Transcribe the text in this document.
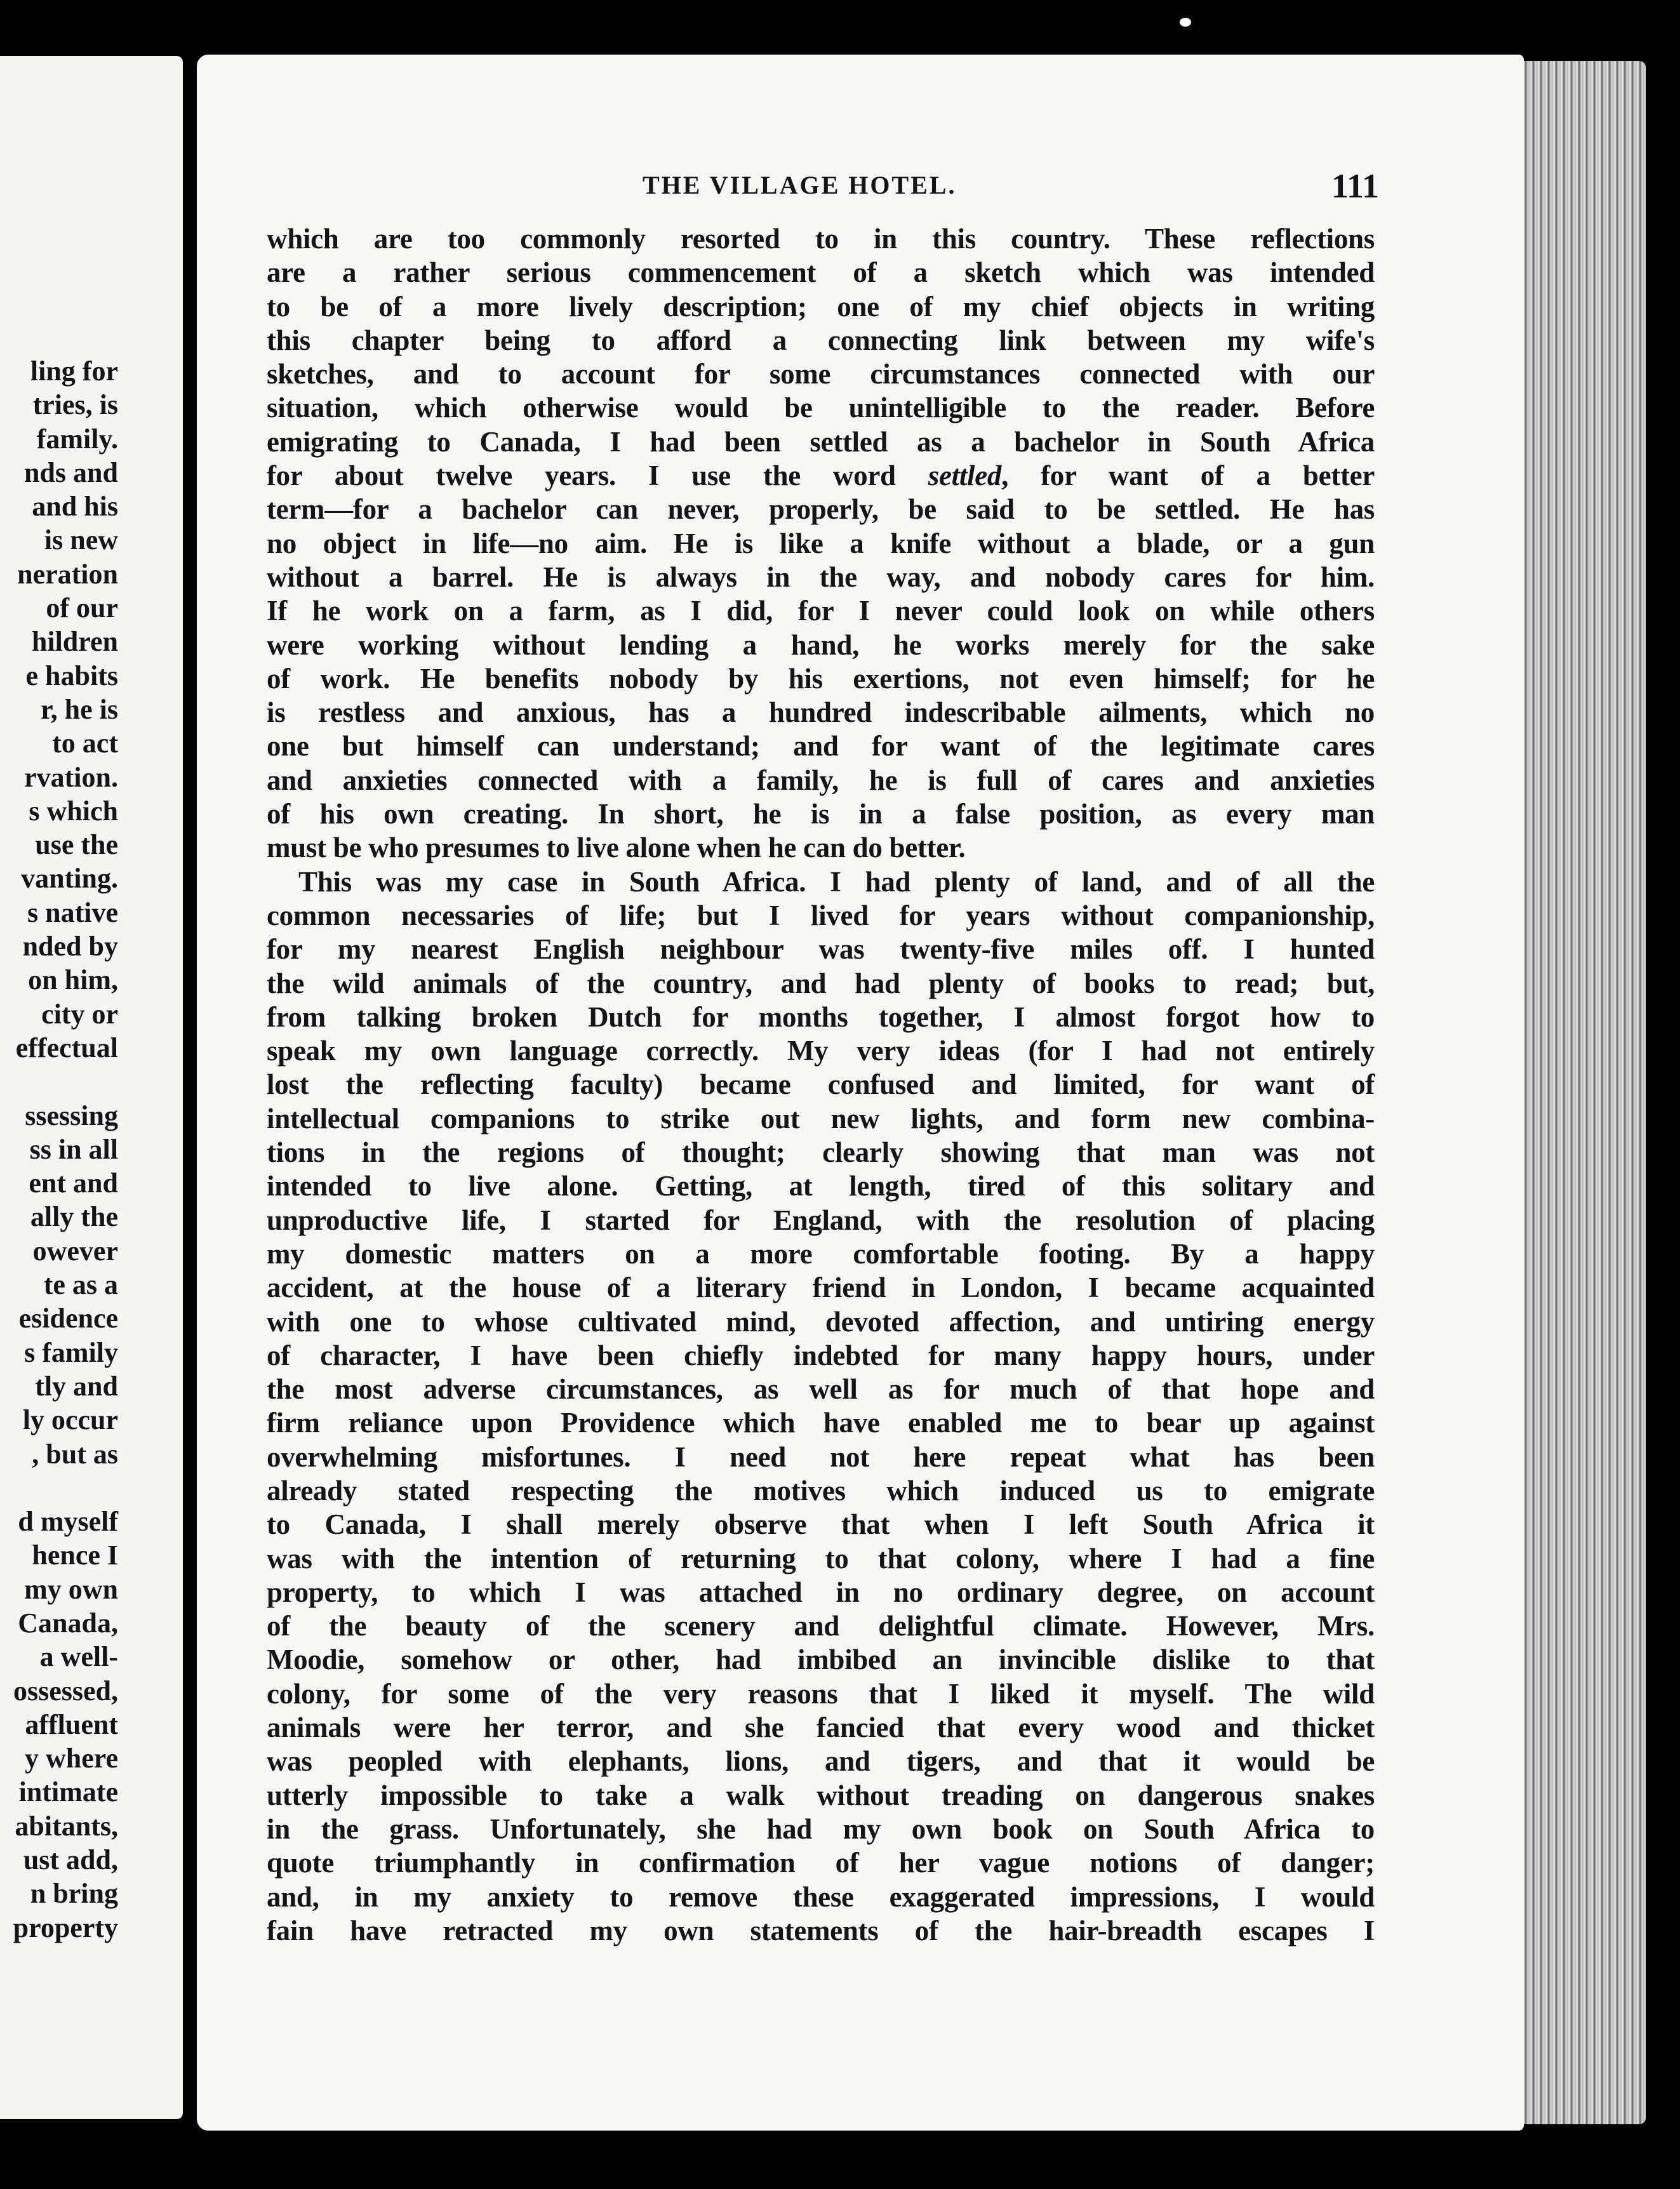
ling for
tries, is
family.
nds and
and his
is new
neration
of our
hildren
e habits
r, he is
to act
rvation.
s which
use the
vanting.
s native
nded by
on him,
city or
effectual
ssessing
ss in all
ent and
ally the
owever
te as a
esidence
s family
tly and
ly occur
, but as
d myself
hence I
my own
Canada,
a well-
ossessed,
affluent
y where
intimate
abitants,
ust add,
n bring
property
THE VILLAGE HOTEL.	111
which are too commonly resorted to in this country. These reflections
are a rather serious commencement of a sketch which was intended
to be of a more lively description; one of my chief objects in writing
this chapter being to afford a connecting link between my wife's
sketches, and to account for some circumstances connected with our
situation, which otherwise would be unintelligible to the reader. Before
emigrating to Canada, I had been settled as a bachelor in South Africa
for about twelve years. I use the word settled, for want of a better
term—for a bachelor can never, properly, be said to be settled. He has
no object in life—no aim. He is like a knife without a blade, or a gun
without a barrel. He is always in the way, and nobody cares for him.
If he work on a farm, as I did, for I never could look on while others
were working without lending a hand, he works merely for the sake
of work. He benefits nobody by his exertions, not even himself; for he
is restless and anxious, has a hundred indescribable ailments, which no
one but himself can understand; and for want of the legitimate cares
and anxieties connected with a family, he is full of cares and anxieties
of his own creating. In short, he is in a false position, as every man
must be who presumes to live alone when he can do better.
This was my case in South Africa. I had plenty of land, and of all the
common necessaries of life; but I lived for years without companionship,
for my nearest English neighbour was twenty-five miles off. I hunted
the wild animals of the country, and had plenty of books to read; but,
from talking broken Dutch for months together, I almost forgot how to
speak my own language correctly. My very ideas (for I had not entirely
lost the reflecting faculty) became confused and limited, for want of
intellectual companions to strike out new lights, and form new combina-
tions in the regions of thought; clearly showing that man was not
intended to live alone. Getting, at length, tired of this solitary and
unproductive life, I started for England, with the resolution of placing
my domestic matters on a more comfortable footing. By a happy
accident, at the house of a literary friend in London, I became acquainted
with one to whose cultivated mind, devoted affection, and untiring energy
of character, I have been chiefly indebted for many happy hours, under
the most adverse circumstances, as well as for much of that hope and
firm reliance upon Providence which have enabled me to bear up against
overwhelming misfortunes. I need not here repeat what has been
already stated respecting the motives which induced us to emigrate
to Canada, I shall merely observe that when I left South Africa it
was with the intention of returning to that colony, where I had a fine
property, to which I was attached in no ordinary degree, on account
of the beauty of the scenery and delightful climate. However, Mrs.
Moodie, somehow or other, had imbibed an invincible dislike to that
colony, for some of the very reasons that I liked it myself. The wild
animals were her terror, and she fancied that every wood and thicket
was peopled with elephants, lions, and tigers, and that it would be
utterly impossible to take a walk without treading on dangerous snakes
in the grass. Unfortunately, she had my own book on South Africa to
quote triumphantly in confirmation of her vague notions of danger;
and, in my anxiety to remove these exaggerated impressions, I would
fain have retracted my own statements of the hair-breadth escapes I
